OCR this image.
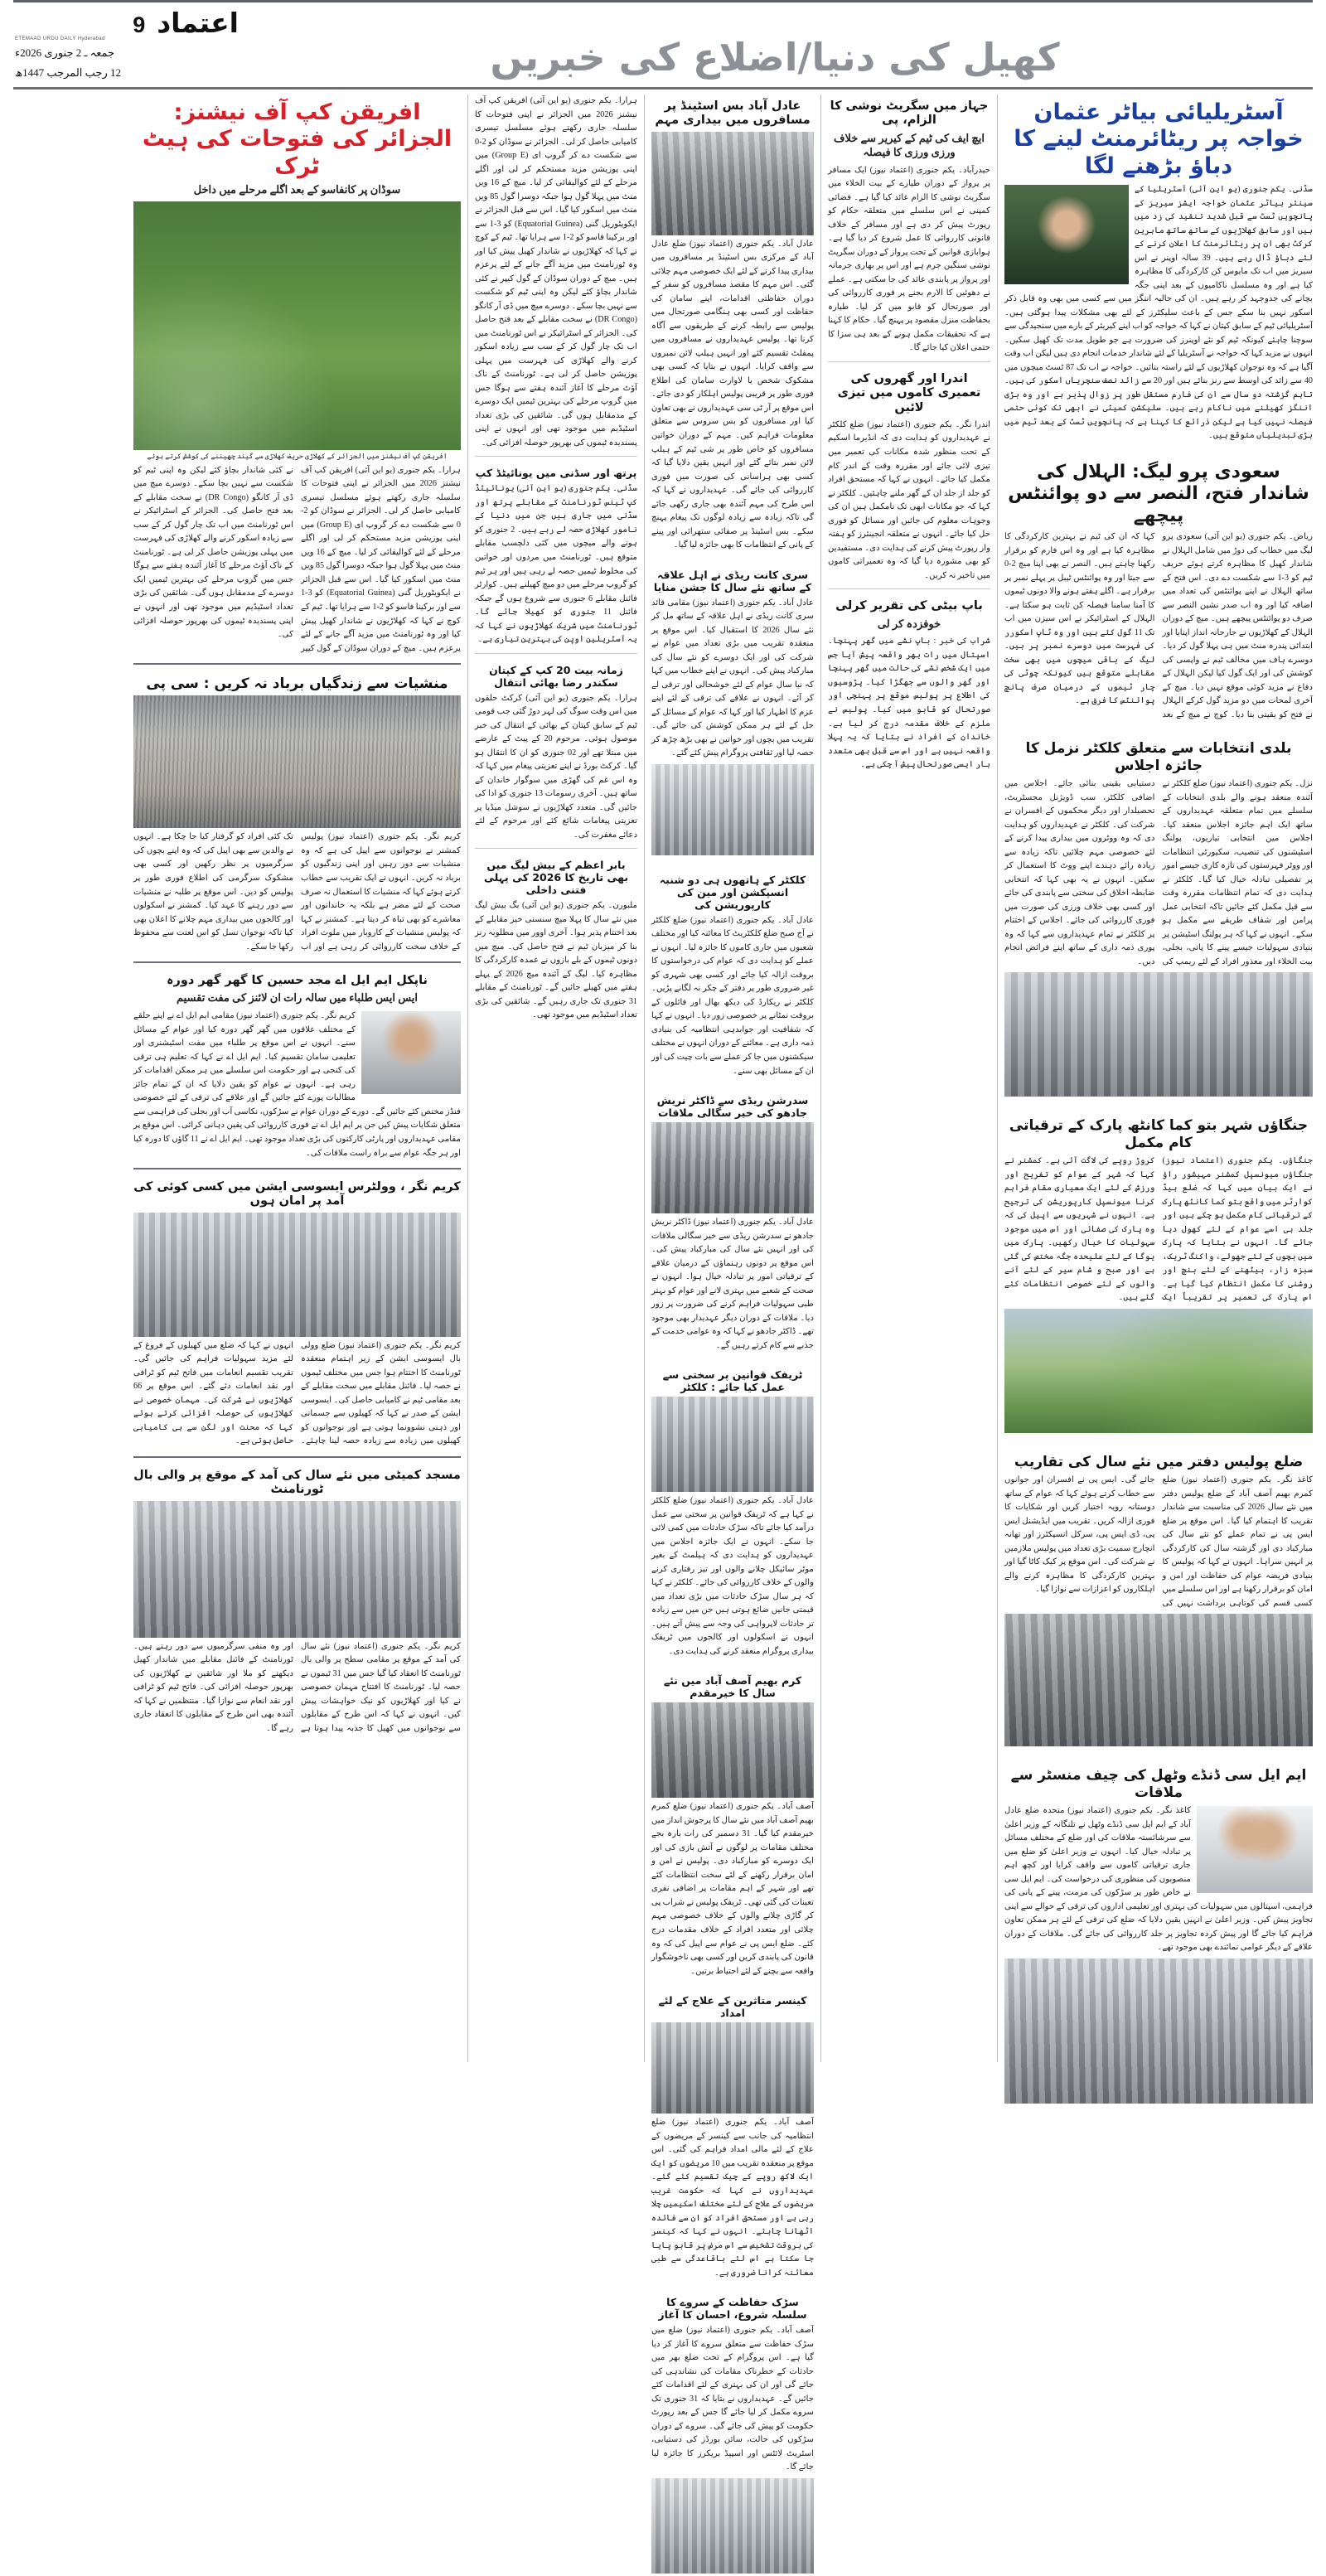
اعتماد
9
ETEMAAD URDU DAILY Hyderabad
جمعہ ـ 2 جنوری 2026ء
12 رجب المرجب 1447ھ	کھیل کی دنیا/اضلاع کی خبریں
آسٹریلیائی بیاٹر عثمان خواجہ پر ریٹائرمنٹ لینے کا دباؤ بڑھنے لگا
سڈنی۔ یکم جنوری (یو این آئی) آسٹریلیا کے سینئر بیاٹر عثمان خواجہ ایشز سیریز کے پانچویں ٹسٹ سے قبل شدید تنقید کی زد میں ہیں اور سابق کھلاڑیوں کے ساتھ ساتھ ماہرین کرکٹ بھی ان پر ریٹائرمنٹ کا اعلان کرنے کے لئے دباؤ ڈال رہے ہیں۔ 39 سالہ اوپنر نے اس سیریز میں اب تک مایوس کن کارکردگی کا مظاہرہ کیا ہے اور وہ مسلسل ناکامیوں کے بعد اپنی جگہ بچانے کی جدوجہد کر رہے ہیں۔ ان کی حالیہ اننگز میں سے کسی میں بھی وہ قابل ذکر اسکور نہیں بنا سکے جس کے باعث سلیکٹرز کے لئے بھی مشکلات پیدا ہوگئی ہیں۔ آسٹریلیائی ٹیم کے سابق کپتان نے کہا کہ خواجہ کو اب اپنے کیریئر کے بارے میں سنجیدگی سے سوچنا چاہئے کیونکہ ٹیم کو نئے اوپنرز کی ضرورت ہے جو طویل مدت تک کھیل سکیں۔ انہوں نے مزید کہا کہ خواجہ نے آسٹریلیا کے لئے شاندار خدمات انجام دی ہیں لیکن اب وقت آگیا ہے کہ وہ نوجوان کھلاڑیوں کے لئے راستہ بنائیں۔ خواجہ نے اب تک 87 ٹسٹ میچوں میں 40 سے زائد کی اوسط سے رنز بنائے ہیں اور 20 سے زائد نصف سنچریاں اسکور کی ہیں۔ تاہم گزشتہ دو سال سے ان کی فارم مستقل طور پر زوال پذیر ہے اور وہ بڑی اننگز کھیلنے میں ناکام رہے ہیں۔ سلیکشن کمیٹی نے ابھی تک کوئی حتمی فیصلہ نہیں کیا ہے لیکن ذرائع کا کہنا ہے کہ پانچویں ٹسٹ کے بعد ٹیم میں بڑی تبدیلیاں متوقع ہیں۔
سعودی پرو لیگ: الہلال کی شاندار فتح، النصر سے دو پوائنٹس پیچھے
ریاض۔ یکم جنوری (یو این آئی) سعودی پرو لیگ میں خطاب کی دوڑ میں شامل الہلال نے شاندار کھیل کا مظاہرہ کرتے ہوئے حریف ٹیم کو 3-1 سے شکست دے دی۔ اس فتح کے ساتھ الہلال نے اپنے پوائنٹس کی تعداد میں اضافہ کیا اور وہ اب صدر نشین النصر سے صرف دو پوائنٹس پیچھے ہیں۔ میچ کے دوران الہلال کے کھلاڑیوں نے جارحانہ انداز اپنایا اور ابتدائی پندرہ منٹ میں ہی پہلا گول کر دیا۔ دوسرے ہاف میں مخالف ٹیم نے واپسی کی کوشش کی اور ایک گول کیا لیکن الہلال کے دفاع نے مزید کوئی موقع نہیں دیا۔ میچ کے آخری لمحات میں دو مزید گول کرکے الہلال نے فتح کو یقینی بنا دیا۔ کوچ نے میچ کے بعد کہا کہ ان کی ٹیم نے بہترین کارکردگی کا مظاہرہ کیا ہے اور وہ اس فارم کو برقرار رکھنا چاہتے ہیں۔ النصر نے بھی اپنا میچ 2-0 سے جیتا اور وہ پوائنٹس ٹیبل پر پہلے نمبر پر برقرار ہے۔ اگلے ہفتے ہونے والا دونوں ٹیموں کا آمنا سامنا فیصلہ کن ثابت ہو سکتا ہے۔ الہلال کے اسٹرائیکر نے اس سیزن میں اب تک 11 گول کئے ہیں اور وہ ٹاپ اسکورر کی فہرست میں دوسرے نمبر پر ہیں۔ لیگ کے باقی میچوں میں بھی سخت مقابلے متوقع ہیں کیونکہ چوٹی کی چار ٹیموں کے درمیان صرف پانچ پوائنٹس کا فرق ہے۔
بلدی انتخابات سے متعلق کلکٹر نزمل کا جائزہ اجلاس
نزل۔ یکم جنوری (اعتماد نیوز) ضلع کلکٹر نے آئندہ منعقد ہونے والے بلدی انتخابات کے سلسلے میں تمام متعلقہ عہدیداروں کے ساتھ ایک اہم جائزہ اجلاس منعقد کیا۔ اجلاس میں انتخابی تیاریوں، پولنگ اسٹیشنوں کی تنصیب، سکیورٹی انتظامات اور ووٹر فہرستوں کی تازہ کاری جیسے امور پر تفصیلی تبادلہ خیال کیا گیا۔ کلکٹر نے ہدایت دی کہ تمام انتظامات مقررہ وقت سے قبل مکمل کئے جائیں تاکہ انتخابی عمل پرامن اور شفاف طریقے سے مکمل ہو سکے۔ انہوں نے کہا کہ ہر پولنگ اسٹیشن پر بنیادی سہولیات جیسے پینے کا پانی، بجلی، بیت الخلاء اور معذور افراد کے لئے ریمپ کی دستیابی یقینی بنائی جائے۔ اجلاس میں اضافی کلکٹر، سب ڈویژنل مجسٹریٹ، تحصیلدار اور دیگر محکموں کے افسران نے شرکت کی۔ کلکٹر نے عہدیداروں کو ہدایت دی کہ وہ ووٹروں میں بیداری پیدا کرنے کے لئے خصوصی مہم چلائیں تاکہ زیادہ سے زیادہ رائے دہندے اپنے ووٹ کا استعمال کر سکیں۔ انہوں نے یہ بھی کہا کہ انتخابی ضابطہ اخلاق کی سختی سے پابندی کی جائے اور کسی بھی خلاف ورزی کی صورت میں فوری کارروائی کی جائے۔ اجلاس کے اختتام پر کلکٹر نے تمام عہدیداروں سے کہا کہ وہ پوری ذمہ داری کے ساتھ اپنے فرائض انجام دیں۔
جنگاؤں شہر بتو کما کانٹھ پارک کے ترقیاتی کام مکمل
جنگاؤں۔ یکم جنوری (اعتماد نیوز) جنگاؤں میونسپل کمشنر مہیشور راؤ نے ایک بیان میں کہا کہ ضلع ہیڈ کوارٹر میں واقع بتو کما کانٹھ پارک کے ترقیاتی کام مکمل ہو چکے ہیں اور جلد ہی اسے عوام کے لئے کھول دیا جائے گا۔ انہوں نے بتایا کہ پارک میں بچوں کے لئے جھولے، واکنگ ٹریک، سبزہ زار، بیٹھنے کے لئے بنچ اور روشنی کا مکمل انتظام کیا گیا ہے۔ اس پارک کی تعمیر پر تقریباً ایک کروڑ روپے کی لاگت آئی ہے۔ کمشنر نے کہا کہ شہر کے عوام کو تفریح اور ورزش کے لئے ایک معیاری مقام فراہم کرنا میونسپل کارپوریشن کی ترجیح ہے۔ انہوں نے شہریوں سے اپیل کی کہ وہ پارک کی صفائی اور اس میں موجود سہولیات کا خیال رکھیں۔ پارک میں یوگا کے لئے علیحدہ جگہ مختص کی گئی ہے اور صبح و شام سیر کے لئے آنے والوں کے لئے خصوصی انتظامات کئے گئے ہیں۔
ضلع پولیس دفتر میں نئے سال کی تقاریب
کاغذ نگر۔ یکم جنوری (اعتماد نیوز) ضلع کمرم بھیم آصف آباد کے ضلع پولیس دفتر میں نئے سال 2026 کی مناسبت سے شاندار تقریب کا اہتمام کیا گیا۔ اس موقع پر ضلع ایس پی نے تمام عملے کو نئے سال کی مبارکباد دی اور گزشتہ سال کی کارکردگی پر انہیں سراہا۔ انہوں نے کہا کہ پولیس کا بنیادی فریضہ عوام کی حفاظت اور امن و امان کو برقرار رکھنا ہے اور اس سلسلے میں کسی قسم کی کوتاہی برداشت نہیں کی جائے گی۔ ایس پی نے افسران اور جوانوں سے خطاب کرتے ہوئے کہا کہ عوام کے ساتھ دوستانہ رویہ اختیار کریں اور شکایات کا فوری ازالہ کریں۔ تقریب میں ایڈیشنل ایس پی، ڈی ایس پی، سرکل انسپکٹرز اور تھانہ انچارج سمیت بڑی تعداد میں پولیس ملازمین نے شرکت کی۔ اس موقع پر کیک کاٹا گیا اور بہترین کارکردگی کا مظاہرہ کرنے والے اہلکاروں کو اعزازات سے نوازا گیا۔
ایم ایل سی ڈنڈے وٹھل کی چیف منسٹر سے ملاقات
کاغذ نگر۔ یکم جنوری (اعتماد نیوز) متحدہ ضلع عادل آباد کے ایم ایل سی ڈنڈے وٹھل نے تلنگانہ کے وزیر اعلیٰ سے سرشائستہ ملاقات کی اور ضلع کے مختلف مسائل پر تبادلہ خیال کیا۔ انہوں نے وزیر اعلیٰ کو ضلع میں جاری ترقیاتی کاموں سے واقف کرایا اور کچھ اہم منصوبوں کی منظوری کی درخواست کی۔ ایم ایل سی نے خاص طور پر سڑکوں کی مرمت، پینے کے پانی کی فراہمی، اسپتالوں میں سہولیات کی بہتری اور تعلیمی اداروں کی ترقی کے حوالے سے اپنی تجاویز پیش کیں۔ وزیر اعلیٰ نے انہیں یقین دلایا کہ ضلع کی ترقی کے لئے ہر ممکن تعاون فراہم کیا جائے گا اور پیش کردہ تجاویز پر جلد کارروائی کی جائے گی۔ ملاقات کے دوران علاقے کے دیگر عوامی نمائندے بھی موجود تھے۔
جہاز میں سگریٹ نوشی کا الزام، پی
ایچ ایف کی ٹیم کے کیریر سے خلاف ورزی ورزی کا فیصلہ
حیدرآباد۔ یکم جنوری (اعتماد نیوز) ایک مسافر پر پرواز کے دوران طیارے کے بیت الخلاء میں سگریٹ نوشی کا الزام عائد کیا گیا ہے۔ فضائی کمپنی نے اس سلسلے میں متعلقہ حکام کو رپورٹ پیش کر دی ہے اور مسافر کے خلاف قانونی کارروائی کا عمل شروع کر دیا گیا ہے۔ ہوابازی قوانین کے تحت پرواز کے دوران سگریٹ نوشی سنگین جرم ہے اور اس پر بھاری جرمانہ اور پرواز پر پابندی عائد کی جا سکتی ہے۔ عملے نے دھوئیں کا الارم بجنے پر فوری کارروائی کی اور صورتحال کو قابو میں کر لیا۔ طیارہ بحفاظت منزل مقصود پر پہنچ گیا۔ حکام کا کہنا ہے کہ تحقیقات مکمل ہونے کے بعد ہی سزا کا حتمی اعلان کیا جائے گا۔
اندرا اور گھروں کی تعمیری کاموں میں تیزی لائیں
اندرا نگر۔ یکم جنوری (اعتماد نیوز) ضلع کلکٹر نے عہدیداروں کو ہدایت دی کہ انڈیرما اسکیم کے تحت منظور شدہ مکانات کی تعمیر میں تیزی لائی جائے اور مقررہ وقت کے اندر کام مکمل کیا جائے۔ انہوں نے کہا کہ مستحق افراد کو جلد از جلد ان کے گھر ملنے چاہئیں۔ کلکٹر نے کہا کہ جو مکانات ابھی تک نامکمل ہیں ان کی وجوہات معلوم کی جائیں اور مسائل کو فوری حل کیا جائے۔ انہوں نے متعلقہ انجینئرز کو ہفتہ وار رپورٹ پیش کرنے کی ہدایت دی۔ مستفیدین کو بھی مشورہ دیا گیا کہ وہ تعمیراتی کاموں میں تاخیر نہ کریں۔
باپ بیٹی کی تقریر کرلی
خوفزدہ کر لی
شراب کی خبر : باپ نشے میں گھر پہنچا۔ اسپتال میں رات بھر واقعہ پیش آیا جس میں ایک شخص نشے کی حالت میں گھر پہنچا اور گھر والوں سے جھگڑا کیا۔ پڑوسیوں کی اطلاع پر پولیس موقع پر پہنچی اور صورتحال کو قابو میں کیا۔ پولیس نے ملزم کے خلاف مقدمہ درج کر لیا ہے۔ خاندان کے افراد نے بتایا کہ یہ پہلا واقعہ نہیں ہے اور اس سے قبل بھی متعدد بار ایسی صورتحال پیش آ چکی ہے۔
عادل آباد بس اسٹینڈ پر مسافروں میں بیداری مہم
عادل آباد۔ یکم جنوری (اعتماد نیوز) ضلع عادل آباد کے مرکزی بس اسٹینڈ پر مسافروں میں بیداری پیدا کرنے کے لئے ایک خصوصی مہم چلائی گئی۔ اس مہم کا مقصد مسافروں کو سفر کے دوران حفاظتی اقدامات، اپنے سامان کی حفاظت اور کسی بھی ہنگامی صورتحال میں پولیس سے رابطہ کرنے کے طریقوں سے آگاہ کرنا تھا۔ پولیس عہدیداروں نے مسافروں میں پمفلٹ تقسیم کئے اور انہیں ہیلپ لائن نمبروں سے واقف کرایا۔ انہوں نے بتایا کہ کسی بھی مشکوک شخص یا لاوارث سامان کی اطلاع فوری طور پر قریبی پولیس اہلکار کو دی جائے۔ اس موقع پر آر ٹی سی عہدیداروں نے بھی تعاون کیا اور مسافروں کو بس سروس سے متعلق معلومات فراہم کیں۔ مہم کے دوران خواتین مسافروں کو خاص طور پر شی ٹیم کے ہیلپ لائن نمبر بتائے گئے اور انہیں یقین دلایا گیا کہ کسی بھی ہراسانی کی صورت میں فوری کارروائی کی جائے گی۔ عہدیداروں نے کہا کہ اس طرح کی مہم آئندہ بھی جاری رکھی جائے گی تاکہ زیادہ سے زیادہ لوگوں تک پیغام پہنچ سکے۔ بس اسٹینڈ پر صفائی ستھرائی اور پینے کے پانی کے انتظامات کا بھی جائزہ لیا گیا۔
سری کانت ریڈی نے اہل علاقہ کے ساتھ نئے سال کا جشن منایا
عادل آباد۔ یکم جنوری (اعتماد نیوز) مقامی قائد سری کانت ریڈی نے اہل علاقہ کے ساتھ مل کر نئے سال 2026 کا استقبال کیا۔ اس موقع پر منعقدہ تقریب میں بڑی تعداد میں عوام نے شرکت کی اور ایک دوسرے کو نئے سال کی مبارکباد پیش کی۔ انہوں نے اپنے خطاب میں کہا کہ نیا سال عوام کے لئے خوشحالی اور ترقی لے کر آئے۔ انہوں نے علاقے کی ترقی کے لئے اپنے عزم کا اظہار کیا اور کہا کہ عوام کے مسائل کے حل کے لئے ہر ممکن کوشش کی جائے گی۔ تقریب میں بچوں اور خواتین نے بھی بڑھ چڑھ کر حصہ لیا اور ثقافتی پروگرام پیش کئے گئے۔
کلکٹر کے ہاتھوں ہی دو شنبہ انسپکشن اور مین کی کارپوریشن کی
عادل آباد۔ یکم جنوری (اعتماد نیوز) ضلع کلکٹر نے آج صبح ضلع کلکٹریٹ کا معائنہ کیا اور مختلف شعبوں میں جاری کاموں کا جائزہ لیا۔ انہوں نے عملے کو ہدایت دی کہ عوام کی درخواستوں کا بروقت ازالہ کیا جائے اور کسی بھی شہری کو غیر ضروری طور پر دفتر کے چکر نہ لگانے پڑیں۔ کلکٹر نے ریکارڈ کی دیکھ بھال اور فائلوں کے بروقت نمٹانے پر خصوصی زور دیا۔ انہوں نے کہا کہ شفافیت اور جوابدہی انتظامیہ کی بنیادی ذمہ داری ہے۔ معائنے کے دوران انہوں نے مختلف سیکشنوں میں جا کر عملے سے بات چیت کی اور ان کے مسائل بھی سنے۔
سدرشن ریڈی سے ڈاکٹر نریش جادھو کی خیر سگالی ملاقات
عادل آباد۔ یکم جنوری (اعتماد نیوز) ڈاکٹر نریش جادھو نے سدرشن ریڈی سے خیر سگالی ملاقات کی اور انہیں نئے سال کی مبارکباد پیش کی۔ اس موقع پر دونوں رہنماؤں کے درمیان علاقے کے ترقیاتی امور پر تبادلہ خیال ہوا۔ انہوں نے صحت کے شعبے میں بہتری لانے اور عوام کو بہتر طبی سہولیات فراہم کرنے کی ضرورت پر زور دیا۔ ملاقات کے دوران دیگر عہدیدار بھی موجود تھے۔ ڈاکٹر جادھو نے کہا کہ وہ عوامی خدمت کے جذبے سے کام کرتے رہیں گے۔
ٹریفک قوانین پر سختی سے عمل کیا جائے : کلکٹر
عادل آباد۔ یکم جنوری (اعتماد نیوز) ضلع کلکٹر نے کہا ہے کہ ٹریفک قوانین پر سختی سے عمل درآمد کیا جائے تاکہ سڑک حادثات میں کمی لائی جا سکے۔ انہوں نے ایک جائزہ اجلاس میں عہدیداروں کو ہدایت دی کہ ہیلمٹ کے بغیر موٹر سائیکل چلانے والوں اور تیز رفتاری کرنے والوں کے خلاف کارروائی کی جائے۔ کلکٹر نے کہا کہ ہر سال سڑک حادثات میں بڑی تعداد میں قیمتی جانیں ضائع ہوتی ہیں جن میں سے زیادہ تر حادثات لاپرواہی کی وجہ سے پیش آتے ہیں۔ انہوں نے اسکولوں اور کالجوں میں ٹریفک بیداری پروگرام منعقد کرنے کی ہدایت دی۔
کرم بھیم آصف آباد میں نئے سال کا خیرمقدم
آصف آباد۔ یکم جنوری (اعتماد نیوز) ضلع کمرم بھیم آصف آباد میں نئے سال کا پرجوش انداز میں خیرمقدم کیا گیا۔ 31 دسمبر کی رات بارہ بجے مختلف مقامات پر لوگوں نے آتش بازی کی اور ایک دوسرے کو مبارکباد دی۔ پولیس نے امن و امان برقرار رکھنے کے لئے سخت انتظامات کئے تھے اور شہر کے اہم مقامات پر اضافی نفری تعینات کی گئی تھی۔ ٹریفک پولیس نے شراب پی کر گاڑی چلانے والوں کے خلاف خصوصی مہم چلائی اور متعدد افراد کے خلاف مقدمات درج کئے۔ ضلع ایس پی نے عوام سے اپیل کی کہ وہ قانون کی پابندی کریں اور کسی بھی ناخوشگوار واقعہ سے بچنے کے لئے احتیاط برتیں۔
کینسر متاثرین کے علاج کے لئے امداد
آصف آباد۔ یکم جنوری (اعتماد نیوز) ضلع انتظامیہ کی جانب سے کینسر کے مریضوں کے علاج کے لئے مالی امداد فراہم کی گئی۔ اس موقع پر منعقدہ تقریب میں 10 مریضوں کو ایک ایک لاکھ روپے کے چیک تقسیم کئے گئے۔ عہدیداروں نے کہا کہ حکومت غریب مریضوں کے علاج کے لئے مختلف اسکیمیں چلا رہی ہے اور مستحق افراد کو ان سے فائدہ اٹھانا چاہئے۔ انہوں نے کہا کہ کینسر کی بروقت تشخیص سے اس مرض پر قابو پایا جا سکتا ہے اس لئے باقاعدگی سے طبی معائنہ کرانا ضروری ہے۔
سڑک حفاظت کے سروے کا سلسلہ شروع، احسان کا آغاز
آصف آباد۔ یکم جنوری (اعتماد نیوز) ضلع میں سڑک حفاظت سے متعلق سروے کا آغاز کر دیا گیا ہے۔ اس پروگرام کے تحت ضلع بھر میں حادثات کے خطرناک مقامات کی نشاندہی کی جائے گی اور ان کی بہتری کے لئے اقدامات کئے جائیں گے۔ عہدیداروں نے بتایا کہ 31 جنوری تک سروے مکمل کر لیا جائے گا جس کے بعد رپورٹ حکومت کو پیش کی جائے گی۔ سروے کے دوران سڑکوں کی حالت، سائن بورڈز کی دستیابی، اسٹریٹ لائٹس اور اسپیڈ بریکرز کا جائزہ لیا جائے گا۔
ہرارا۔ یکم جنوری (یو این آئی) افریقن کپ آف نیشنز 2026 میں الجزائر نے اپنی فتوحات کا سلسلہ جاری رکھتے ہوئے مسلسل تیسری کامیابی حاصل کر لی۔ الجزائر نے سوڈان کو 2-0 سے شکست دے کر گروپ ای (Group E) میں اپنی پوزیشن مزید مستحکم کر لی اور اگلے مرحلے کے لئے کوالیفائی کر لیا۔ میچ کے 16 ویں منٹ میں پہلا گول ہوا جبکہ دوسرا گول 85 ویں منٹ میں اسکور کیا گیا۔ اس سے قبل الجزائر نے ایکویٹوریل گنی (Equatorial Guinea) کو 3-1 سے اور برکینا فاسو کو 2-1 سے ہرایا تھا۔ ٹیم کے کوچ نے کہا کہ کھلاڑیوں نے شاندار کھیل پیش کیا اور وہ ٹورنامنٹ میں مزید آگے جانے کے لئے پرعزم ہیں۔ میچ کے دوران سوڈان کے گول کیپر نے کئی شاندار بچاؤ کئے لیکن وہ اپنی ٹیم کو شکست سے نہیں بچا سکے۔ دوسرے میچ میں ڈی آر کانگو (DR Congo) نے سخت مقابلے کے بعد فتح حاصل کی۔ الجزائر کے اسٹرائیکر نے اس ٹورنامنٹ میں اب تک چار گول کر کے سب سے زیادہ اسکور کرنے والے کھلاڑی کی فہرست میں پہلی پوزیشن حاصل کر لی ہے۔ ٹورنامنٹ کے ناک آؤٹ مرحلے کا آغاز آئندہ ہفتے سے ہوگا جس میں گروپ مرحلے کی بہترین ٹیمیں ایک دوسرے کے مدمقابل ہوں گی۔ شائقین کی بڑی تعداد اسٹیڈیم میں موجود تھی اور انہوں نے اپنی پسندیدہ ٹیموں کی بھرپور حوصلہ افزائی کی۔
پرتھ اور سڈنی میں یونائیٹڈ کپ
سڈنی۔ یکم جنوری (یو این آئی) یونائیٹڈ کپ ٹینس ٹورنامنٹ کے مقابلے پرتھ اور سڈنی میں جاری ہیں جن میں دنیا کے نامور کھلاڑی حصہ لے رہے ہیں۔ 2 جنوری کو ہونے والے میچوں میں کئی دلچسپ مقابلے متوقع ہیں۔ ٹورنامنٹ میں مردوں اور خواتین کی مخلوط ٹیمیں حصہ لے رہی ہیں اور ہر ٹیم کو گروپ مرحلے میں دو میچ کھیلنے ہیں۔ کوارٹر فائنل مقابلے 6 جنوری سے شروع ہوں گے جبکہ فائنل 11 جنوری کو کھیلا جائے گا۔ ٹورنامنٹ میں شریک کھلاڑیوں نے کہا کہ یہ آسٹریلین اوپن کی بہترین تیاری ہے۔
زمانہ بیت 20 کپ کے کپتان سکندر رضا بھائی انتقال
ہرارا۔ یکم جنوری (یو این آئی) کرکٹ حلقوں میں اس وقت سوگ کی لہر دوڑ گئی جب قومی ٹیم کے سابق کپتان کے بھائی کے انتقال کی خبر موصول ہوئی۔ مرحوم 20 کے پیٹ کے عارضے میں مبتلا تھے اور 02 جنوری کو ان کا انتقال ہو گیا۔ کرکٹ بورڈ نے اپنے تعزیتی پیغام میں کہا کہ وہ اس غم کی گھڑی میں سوگوار خاندان کے ساتھ ہیں۔ آخری رسومات 13 جنوری کو ادا کی جائیں گی۔ متعدد کھلاڑیوں نے سوشل میڈیا پر تعزیتی پیغامات شائع کئے اور مرحوم کے لئے دعائے مغفرت کی۔
بابر اعظم کے بیش لیگ میں بھی تاریخ کا 2026 کی پہلی فتنی داخلی
ملبورن۔ یکم جنوری (یو این آئی) بگ بیش لیگ میں نئے سال کا پہلا میچ سنسنی خیز مقابلے کے بعد اختتام پذیر ہوا۔ آخری اوور میں مطلوبہ رنز بنا کر میزبان ٹیم نے فتح حاصل کی۔ میچ میں دونوں ٹیموں کے بلے بازوں نے عمدہ کارکردگی کا مظاہرہ کیا۔ لیگ کے آئندہ میچ 2026 کے پہلے ہفتے میں کھیلے جائیں گے۔ ٹورنامنٹ کے مقابلے 31 جنوری تک جاری رہیں گے۔ شائقین کی بڑی تعداد اسٹیڈیم میں موجود تھی۔
افریقن کپ آف نیشنز: الجزائر کی فتوحات کی ہیٹ ٹرک
سوڈان پر کانفاسو کے بعد اگلے مرحلے میں داخل
افریقن کپ آف نیشنز میں الجزائر کے کھلاڑی حریف کھلاڑی سے گیند چھیننے کی کوشش کرتے ہوئے
ہرارا۔ یکم جنوری (یو این آئی) افریقن کپ آف نیشنز 2026 میں الجزائر نے اپنی فتوحات کا سلسلہ جاری رکھتے ہوئے مسلسل تیسری کامیابی حاصل کر لی۔ الجزائر نے سوڈان کو 2-0 سے شکست دے کر گروپ ای (Group E) میں اپنی پوزیشن مزید مستحکم کر لی اور اگلے مرحلے کے لئے کوالیفائی کر لیا۔ میچ کے 16 ویں منٹ میں پہلا گول ہوا جبکہ دوسرا گول 85 ویں منٹ میں اسکور کیا گیا۔ اس سے قبل الجزائر نے ایکویٹوریل گنی (Equatorial Guinea) کو 3-1 سے اور برکینا فاسو کو 2-1 سے ہرایا تھا۔ ٹیم کے کوچ نے کہا کہ کھلاڑیوں نے شاندار کھیل پیش کیا اور وہ ٹورنامنٹ میں مزید آگے جانے کے لئے پرعزم ہیں۔ میچ کے دوران سوڈان کے گول کیپر نے کئی شاندار بچاؤ کئے لیکن وہ اپنی ٹیم کو شکست سے نہیں بچا سکے۔ دوسرے میچ میں ڈی آر کانگو (DR Congo) نے سخت مقابلے کے بعد فتح حاصل کی۔ الجزائر کے اسٹرائیکر نے اس ٹورنامنٹ میں اب تک چار گول کر کے سب سے زیادہ اسکور کرنے والے کھلاڑی کی فہرست میں پہلی پوزیشن حاصل کر لی ہے۔ ٹورنامنٹ کے ناک آؤٹ مرحلے کا آغاز آئندہ ہفتے سے ہوگا جس میں گروپ مرحلے کی بہترین ٹیمیں ایک دوسرے کے مدمقابل ہوں گی۔ شائقین کی بڑی تعداد اسٹیڈیم میں موجود تھی اور انہوں نے اپنی پسندیدہ ٹیموں کی بھرپور حوصلہ افزائی کی۔
منشیات سے زندگیاں برباد نہ کریں : سی پی
کریم نگر۔ یکم جنوری (اعتماد نیوز) پولیس کمشنر نے نوجوانوں سے اپیل کی ہے کہ وہ منشیات سے دور رہیں اور اپنی زندگیوں کو برباد نہ کریں۔ انہوں نے ایک تقریب سے خطاب کرتے ہوئے کہا کہ منشیات کا استعمال نہ صرف صحت کے لئے مضر ہے بلکہ یہ خاندانوں اور معاشرے کو بھی تباہ کر دیتا ہے۔ کمشنر نے کہا کہ پولیس منشیات کے کاروبار میں ملوث افراد کے خلاف سخت کارروائی کر رہی ہے اور اب تک کئی افراد کو گرفتار کیا جا چکا ہے۔ انہوں نے والدین سے بھی اپیل کی کہ وہ اپنے بچوں کی سرگرمیوں پر نظر رکھیں اور کسی بھی مشکوک سرگرمی کی اطلاع فوری طور پر پولیس کو دیں۔ اس موقع پر طلبہ نے منشیات سے دور رہنے کا عہد کیا۔ کمشنر نے اسکولوں اور کالجوں میں بیداری مہم چلانے کا اعلان بھی کیا تاکہ نوجوان نسل کو اس لعنت سے محفوظ رکھا جا سکے۔
ناپکل ایم ایل اے مجد حسین کا گھر گھر دورہ
ایس ایس طلباء میں سالہ رات ان لائنز کی مفت تقسیم
کریم نگر۔ یکم جنوری (اعتماد نیوز) مقامی ایم ایل اے نے اپنے حلقے کے مختلف علاقوں میں گھر گھر دورہ کیا اور عوام کے مسائل سنے۔ انہوں نے اس موقع پر طلباء میں مفت اسٹیشنری اور تعلیمی سامان تقسیم کیا۔ ایم ایل اے نے کہا کہ تعلیم ہی ترقی کی کنجی ہے اور حکومت اس سلسلے میں ہر ممکن اقدامات کر رہی ہے۔ انہوں نے عوام کو یقین دلایا کہ ان کے تمام جائز مطالبات پورے کئے جائیں گے اور علاقے کی ترقی کے لئے خصوصی فنڈز مختص کئے جائیں گے۔ دورے کے دوران عوام نے سڑکوں، نکاسی آب اور بجلی کی فراہمی سے متعلق شکایات پیش کیں جن پر ایم ایل اے نے فوری کارروائی کی یقین دہانی کرائی۔ اس موقع پر مقامی عہدیداروں اور پارٹی کارکنوں کی بڑی تعداد موجود تھی۔ ایم ایل اے نے 11 گاؤں کا دورہ کیا اور ہر جگہ عوام سے براہ راست ملاقات کی۔
کریم نگر ، وولٹرس ایسوسی ایشن میں کسی کوئی کی آمد پر امان ہوں
کریم نگر۔ یکم جنوری (اعتماد نیوز) ضلع وولی بال ایسوسی ایشن کے زیر اہتمام منعقدہ ٹورنامنٹ کا اختتام ہوا جس میں مختلف ٹیموں نے حصہ لیا۔ فائنل مقابلے میں سخت مقابلے کے بعد مقامی ٹیم نے کامیابی حاصل کی۔ ایسوسی ایشن کے صدر نے کہا کہ کھیلوں سے جسمانی اور ذہنی نشوونما ہوتی ہے اور نوجوانوں کو کھیلوں میں زیادہ سے زیادہ حصہ لینا چاہئے۔ انہوں نے کہا کہ ضلع میں کھیلوں کے فروغ کے لئے مزید سہولیات فراہم کی جائیں گی۔ تقریب تقسیم انعامات میں فاتح ٹیم کو ٹرافی اور نقد انعامات دئے گئے۔ اس موقع پر 66 کھلاڑیوں نے شرکت کی۔ مہمان خصوصی نے کھلاڑیوں کی حوصلہ افزائی کرتے ہوئے کہا کہ محنت اور لگن سے ہی کامیابی حاصل ہوتی ہے۔
مسجد کمیٹی میں نئے سال کی آمد کے موقع پر والی بال ٹورنامنٹ
کریم نگر۔ یکم جنوری (اعتماد نیوز) نئے سال کی آمد کے موقع پر مقامی سطح پر والی بال ٹورنامنٹ کا انعقاد کیا گیا جس میں 31 ٹیموں نے حصہ لیا۔ ٹورنامنٹ کا افتتاح مہمان خصوصی نے کیا اور کھلاڑیوں کو نیک خواہشات پیش کیں۔ انہوں نے کہا کہ اس طرح کے مقابلوں سے نوجوانوں میں کھیل کا جذبہ پیدا ہوتا ہے اور وہ منفی سرگرمیوں سے دور رہتے ہیں۔ ٹورنامنٹ کے فائنل مقابلے میں شاندار کھیل دیکھنے کو ملا اور شائقین نے کھلاڑیوں کی بھرپور حوصلہ افزائی کی۔ فاتح ٹیم کو ٹرافی اور نقد انعام سے نوازا گیا۔ منتظمین نے کہا کہ آئندہ بھی اس طرح کے مقابلوں کا انعقاد جاری رہے گا۔
